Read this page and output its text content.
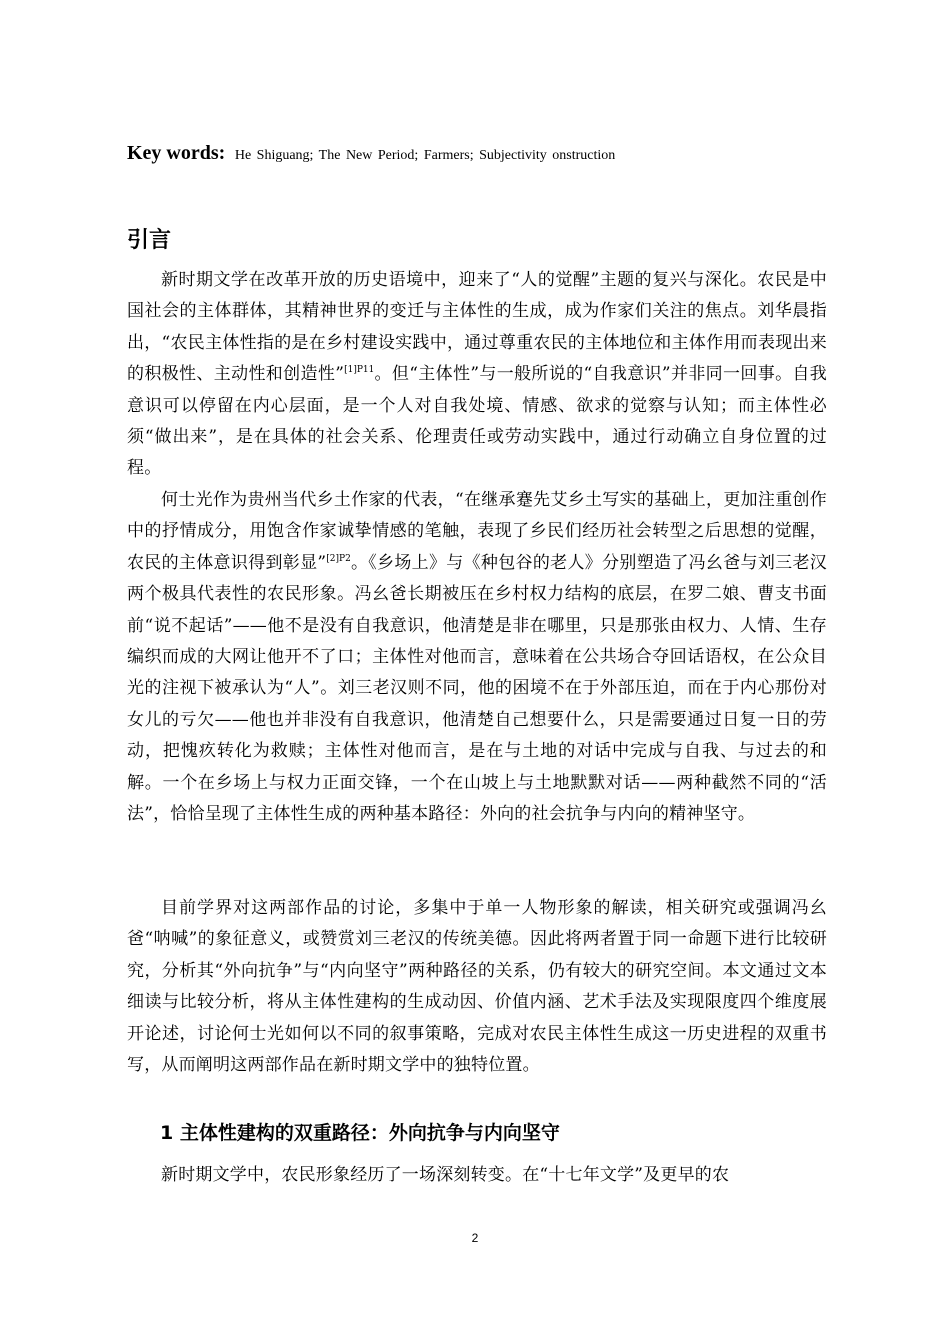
Key words: He Shiguang; The New Period; Farmers; Subjectivity onstruction
引言

新时期文学在改革开放的历史语境中，迎来了“人的觉醒”主题的复兴与深化。农民是中国社会的主体群体，其精神世界的变迁与主体性的生成，成为作家们关注的焦点。刘华晨指出，“农民主体性指的是在乡村建设实践中，通过尊重农民的主体地位和主体作用而表现出来的积极性、主动性和创造性”$^{[1]P11}$。但“主体性”与一般所说的“自我意识”并非同一回事。自我意识可以停留在内心层面，是一个人对自我处境、情感、欲求的觉察与认知；而主体性必须“做出来”，是在具体的社会关系、伦理责任或劳动实践中，通过行动确立自身位置的过程。

何士光作为贵州当代乡土作家的代表，“在继承蹇先艾乡土写实的基础上，更加注重创作中的抒情成分，用饱含作家诚挚情感的笔触，表现了乡民们经历社会转型之后思想的觉醒，农民的主体意识得到彰显”$^{[2]P2}$。《乡场上》与《种包谷的老人》分别塑造了冯幺爸与刘三老汉两个极具代表性的农民形象。冯幺爸长期被压在乡村权力结构的底层，在罗二娘、曹支书面前“说不起话”——他不是没有自我意识，他清楚是非在哪里，只是那张由权力、人情、生存编织而成的大网让他开不了口；主体性对他而言，意味着在公共场合夺回话语权，在公众目光的注视下被承认为“人”。刘三老汉则不同，他的困境不在于外部压迫，而在于内心那份对女儿的亏欠——他也并非没有自我意识，他清楚自己想要什么，只是需要通过日复一日的劳动，把愧疚转化为救赎；主体性对他而言，是在与土地的对话中完成与自我、与过去的和解。一个在乡场上与权力正面交锋，一个在山坡上与土地默默对话——两种截然不同的“活法”，恰恰呈现了主体性生成的两种基本路径：外向的社会抗争与内向的精神坚守。

目前学界对这两部作品的讨论，多集中于单一人物形象的解读，相关研究或强调冯幺爸“呐喊”的象征意义，或赞赏刘三老汉的传统美德。因此将两者置于同一命题下进行比较研究，分析其“外向抗争”与“内向坚守”两种路径的关系，仍有较大的研究空间。本文通过文本细读与比较分析，将从主体性建构的生成动因、价值内涵、艺术手法及实现限度四个维度展开论述，讨论何士光如何以不同的叙事策略，完成对农民主体性生成这一历史进程的双重书写，从而阐明这两部作品在新时期文学中的独特位置。

1 主体性建构的双重路径：外向抗争与内向坚守

新时期文学中，农民形象经历了一场深刻转变。在“十七年文学”及更早的农

2
